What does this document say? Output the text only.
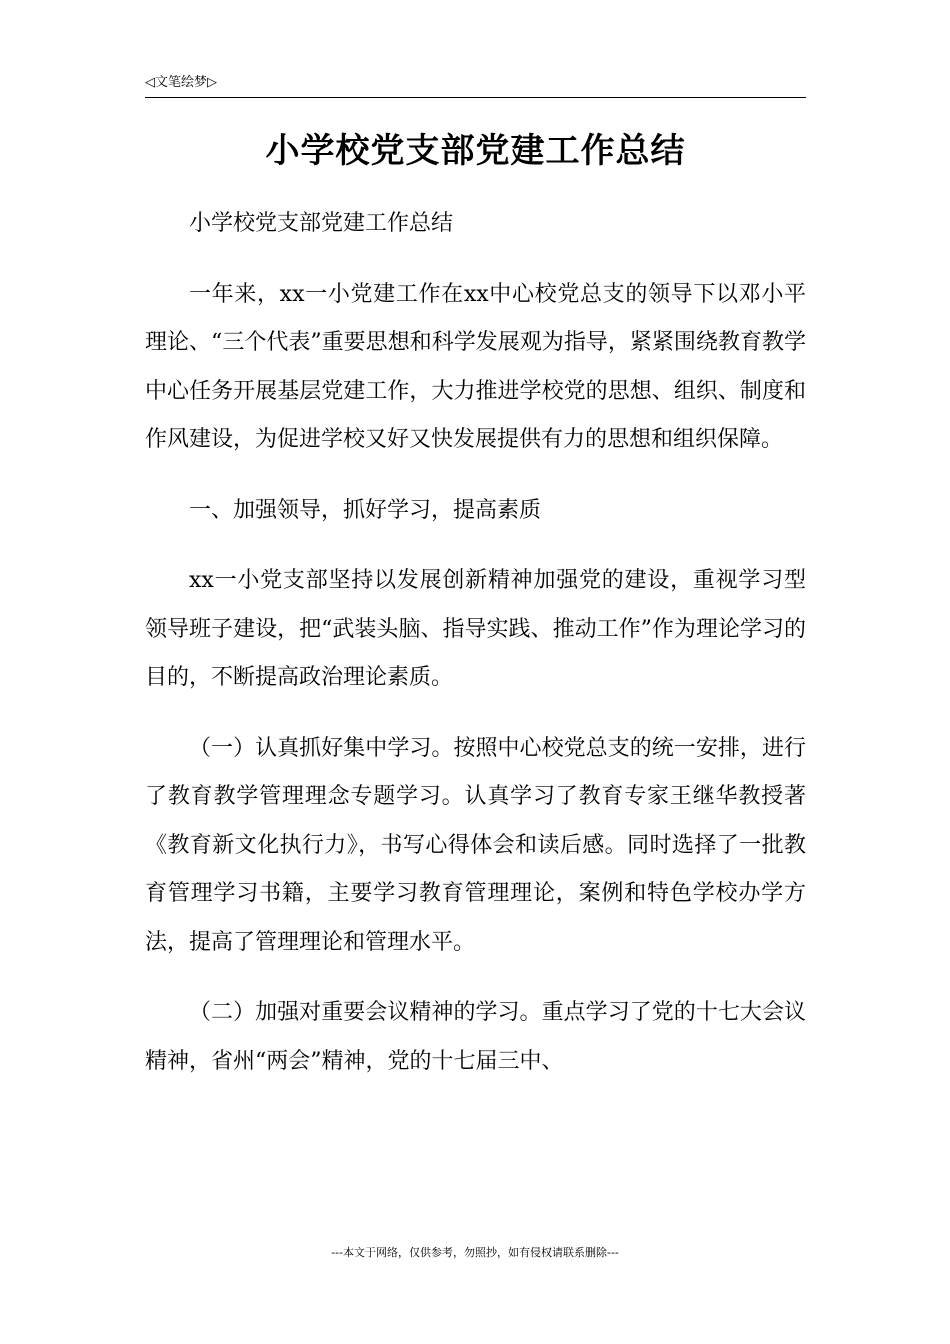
◁文笔绘梦▷
小学校党支部党建工作总结

小学校党支部党建工作总结

一年来，xx一小党建工作在xx中心校党总支的领导下以邓小平理论、“三个代表”重要思想和科学发展观为指导，紧紧围绕教育教学中心任务开展基层党建工作，大力推进学校党的思想、组织、制度和作风建设，为促进学校又好又快发展提供有力的思想和组织保障。

一、加强领导，抓好学习，提高素质

xx一小党支部坚持以发展创新精神加强党的建设，重视学习型领导班子建设，把“武装头脑、指导实践、推动工作”作为理论学习的目的，不断提高政治理论素质。

（一）认真抓好集中学习。按照中心校党总支的统一安排，进行了教育教学管理理念专题学习。认真学习了教育专家王继华教授著《教育新文化执行力》，书写心得体会和读后感。同时选择了一批教育管理学习书籍，主要学习教育管理理论，案例和特色学校办学方法，提高了管理理论和管理水平。

（二）加强对重要会议精神的学习。重点学习了党的十七大会议精神，省州“两会”精神，党的十七届三中、

---本文于网络，仅供参考，勿照抄，如有侵权请联系删除---
